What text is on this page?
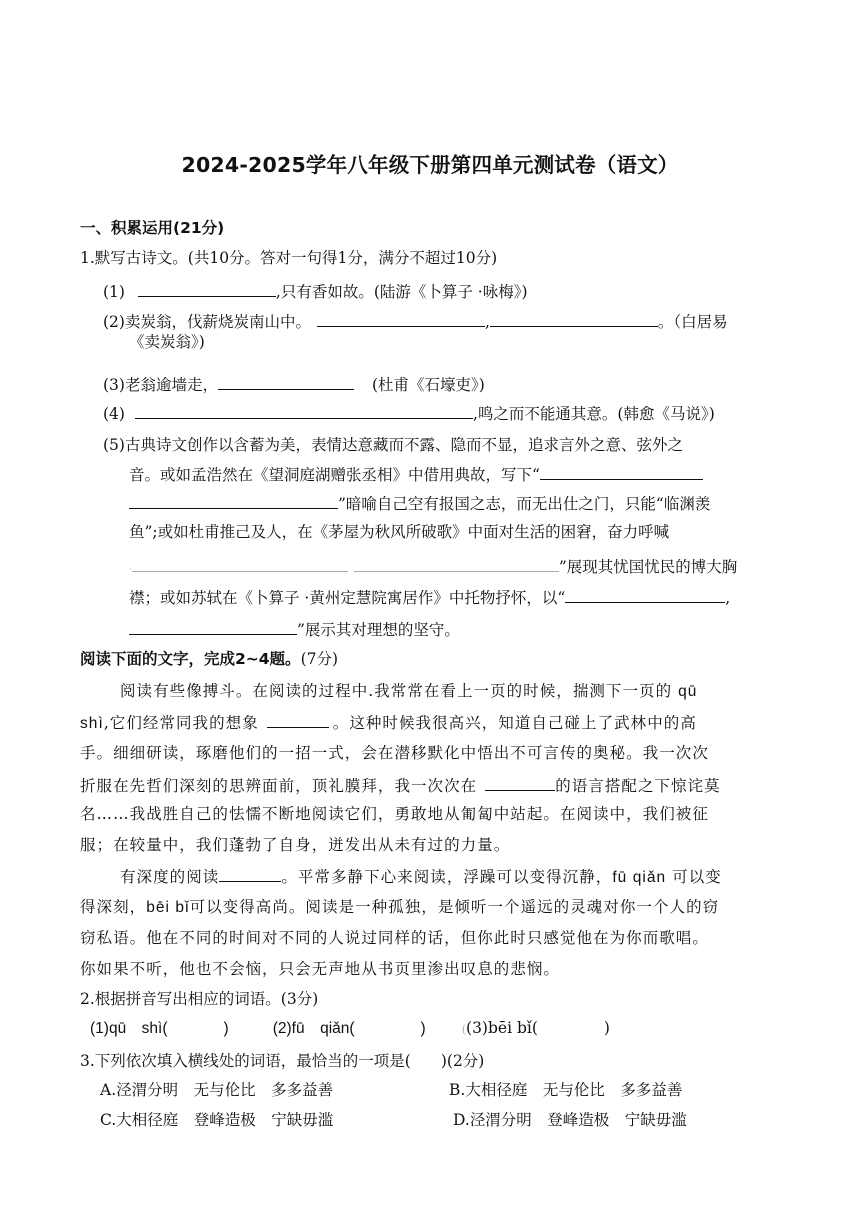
2024-2025学年八年级下册第四单元测试卷（语文）
一、积累运用(21分)
1.默写古诗文。(共10分。答对一句得1分，满分不超过10分)
(1)	,只有香如故。(陆游《卜算子 ·咏梅》)
(2)卖炭翁，伐薪烧炭南山中。	,	。（白居易
《卖炭翁》)
(3)老翁逾墙走，	(杜甫《石壕吏》)
(4)	,鸣之而不能通其意。(韩愈《马说》)
(5)古典诗文创作以含蓄为美，表情达意藏而不露、隐而不显，追求言外之意、弦外之
音。或如孟浩然在《望洞庭湖赠张丞相》中借用典故，写下“
”暗喻自己空有报国之志，而无出仕之门，只能“临渊羡
鱼”;或如杜甫推己及人，在《茅屋为秋风所破歌》中面对生活的困窘，奋力呼喊
·	”展现其忧国忧民的博大胸
襟；或如苏轼在《卜算子 ·黄州定慧院寓居作》中托物抒怀，以“	,
”展示其对理想的坚守。
阅读下面的文字，完成2~4题。(7分)
阅读有些像搏斗。在阅读的过程中.我常常在看上一页的时候，揣测下一页的 qū
shì,它们经常同我的想象	。这种时候我很高兴，知道自己碰上了武林中的高
手。细细研读，琢磨他们的一招一式，会在潜移默化中悟出不可言传的奥秘。我一次次
折服在先哲们深刻的思辨面前，顶礼膜拜，我一次次在	的语言搭配之下惊诧莫
名……我战胜自己的怯懦不断地阅读它们，勇敢地从匍匐中站起。在阅读中，我们被征
服；在较量中，我们蓬勃了自身，迸发出从未有过的力量。
有深度的阅读	。平常多静下心来阅读，浮躁可以变得沉静，fū qiǎn 可以变
得深刻，bēi bǐ可以变得高尚。阅读是一种孤独，是倾听一个遥远的灵魂对你一个人的窃
窃私语。他在不同的时间对不同的人说过同样的话，但你此时只感觉他在为你而歌唱。
你如果不听，他也不会恼，只会无声地从书页里渗出叹息的悲悯。
2.根据拼音写出相应的词语。(3分)
(1)qū　shì(	)	(2)fū　qiǎn(	)	((3)bēi bǐ(	)
3.下列依次填入横线处的词语，最恰当的一项是( )(2分)
A.泾渭分明　无与伦比　多多益善	B.大相径庭　无与伦比　多多益善
C.大相径庭　登峰造极　宁缺毋滥	D.泾渭分明　登峰造极　宁缺毋滥
